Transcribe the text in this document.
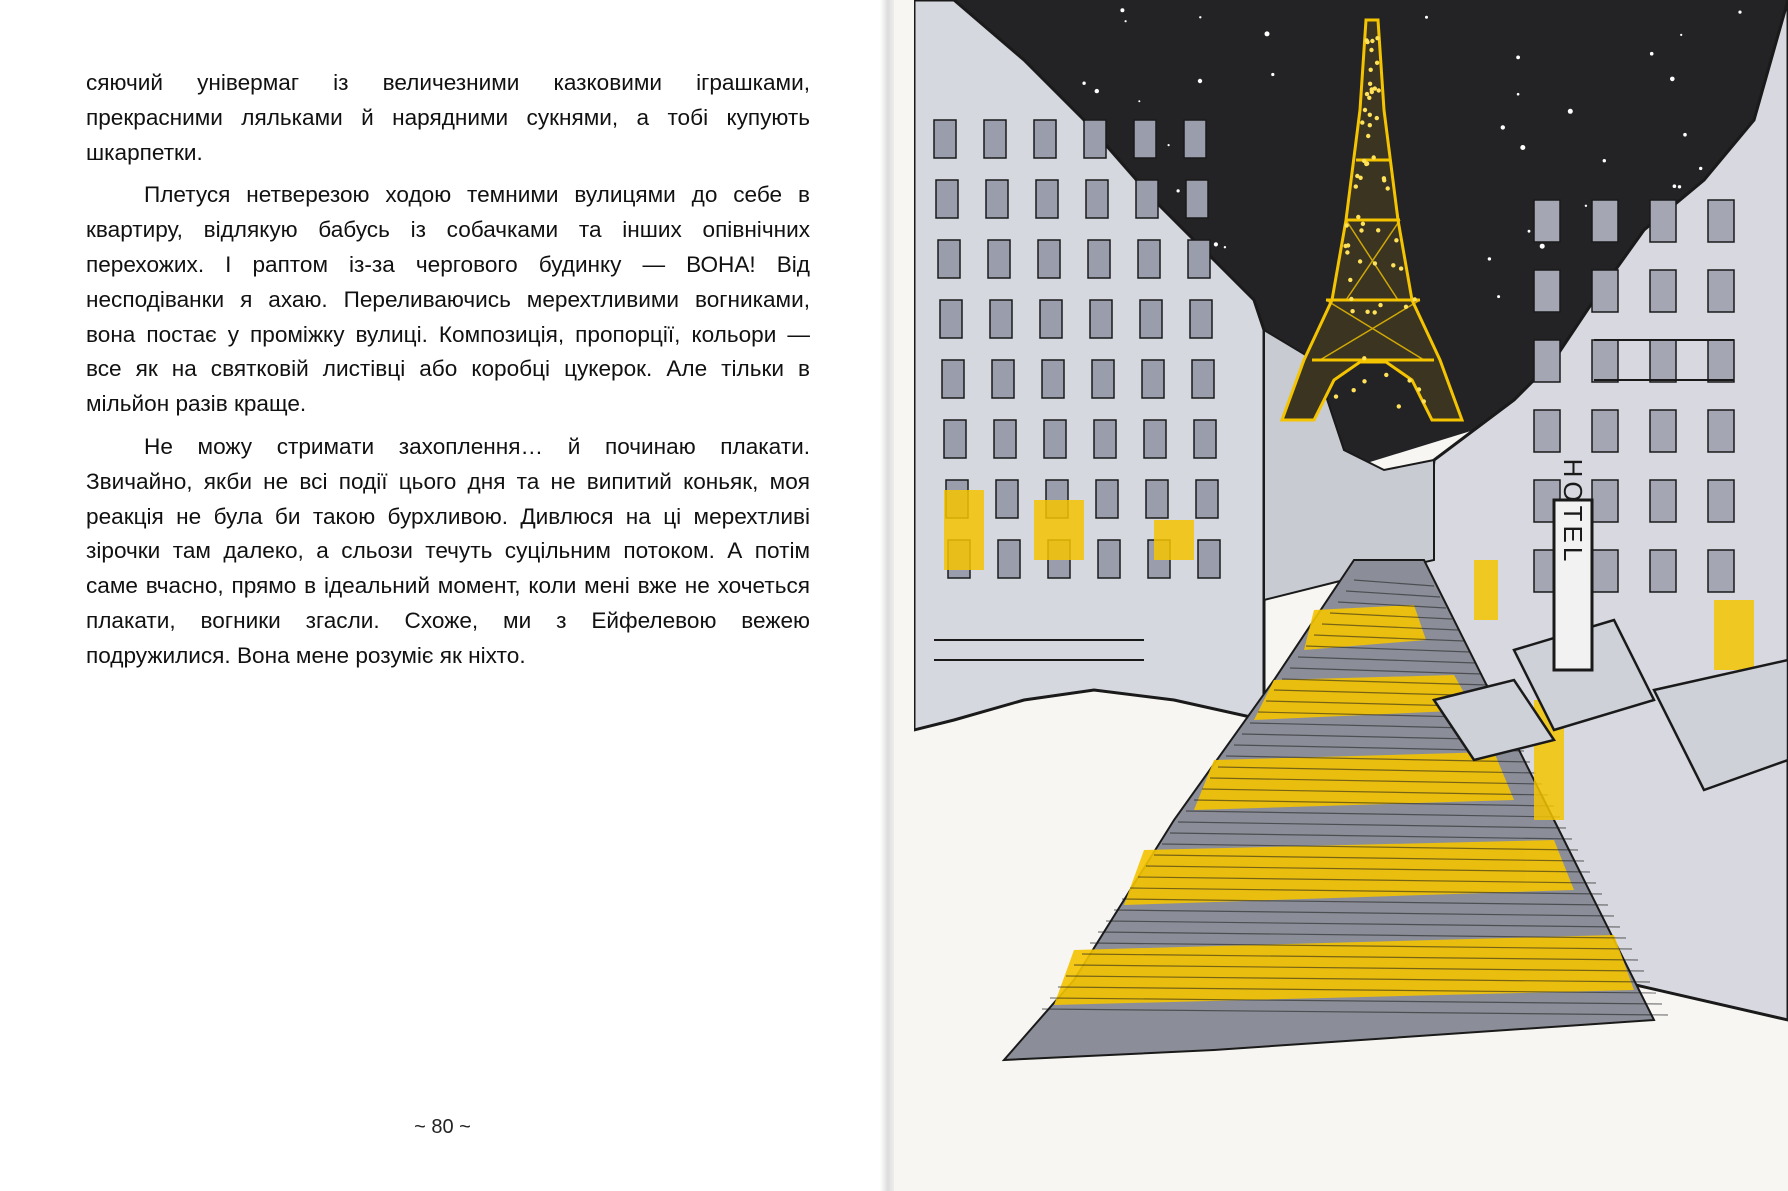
сяючий універмаг із величезними казковими іграшками, прекрасними ляльками й нарядними сукнями, а тобі купують шкарпетки.

Плетуся нетверезою ходою темними вулицями до себе в квартиру, відлякую бабусь із собачками та інших опівнічних перехожих. І раптом із-за чергового будинку — ВОНА! Від несподіванки я ахаю. Переливаючись мерехтливими вогниками, вона постає у проміжку вулиці. Композиція, пропорції, кольори — все як на святковій листівці або коробці цукерок. Але тільки в мільйон разів краще.

Не можу стримати захоплення… й починаю плакати. Звичайно, якби не всі події цього дня та не випитий коньяк, моя реакція не була би такою бурхливою. Дивлюся на ці мерехтливі зірочки там далеко, а сльози течуть суцільним потоком. А потім саме вчасно, прямо в ідеальний момент, коли мені вже не хочеться плакати, вогники згасли. Схоже, ми з Ейфелевою вежею подружилися. Вона мене розуміє як ніхто.

~ 80 ~
HOTEL
